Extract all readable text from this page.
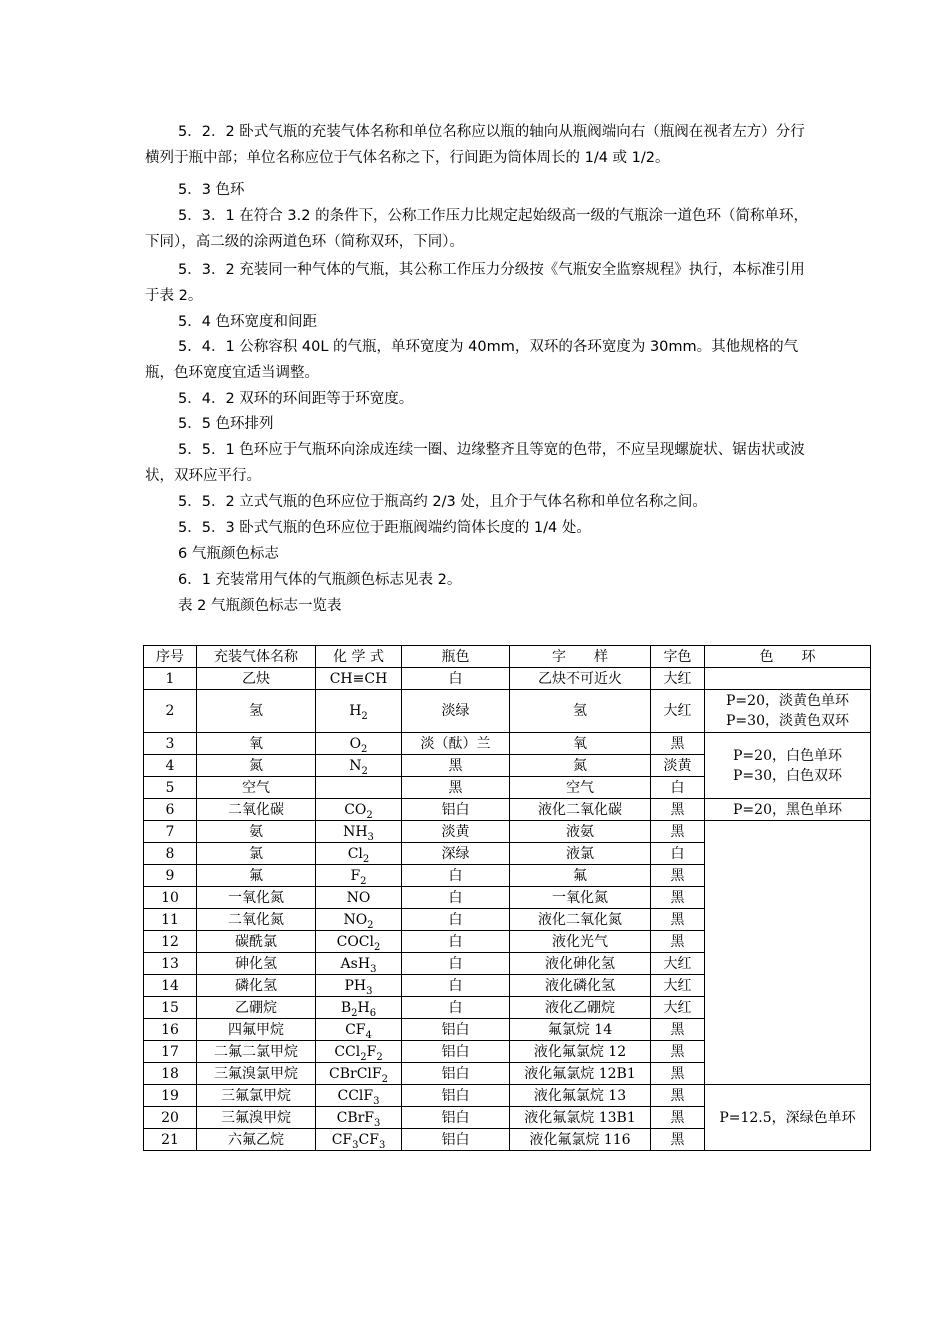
5．2．2 卧式气瓶的充装气体名称和单位名称应以瓶的轴向从瓶阀端向右（瓶阀在视者左方）分行横列于瓶中部；单位名称应位于气体名称之下，行间距为筒体周长的 1/4 或 1/2。

5．3 色环

5．3．1 在符合 3.2 的条件下，公称工作压力比规定起始级高一级的气瓶涂一道色环（简称单环，下同），高二级的涂两道色环（简称双环，下同）。

5．3．2 充装同一种气体的气瓶，其公称工作压力分级按《气瓶安全监察规程》执行，本标准引用于表 2。

5．4 色环宽度和间距

5．4．1 公称容积 40L 的气瓶，单环宽度为 40mm，双环的各环宽度为 30mm。其他规格的气瓶，色环宽度宜适当调整。

5．4．2 双环的环间距等于环宽度。

5．5 色环排列

5．5．1 色环应于气瓶环向涂成连续一圈、边缘整齐且等宽的色带，不应呈现螺旋状、锯齿状或波状，双环应平行。

5．5．2 立式气瓶的色环应位于瓶高约 2/3 处，且介于气体名称和单位名称之间。

5．5．3 卧式气瓶的色环应位于距瓶阀端约筒体长度的 1/4 处。

6 气瓶颜色标志

6．1 充装常用气体的气瓶颜色标志见表 2。

表 2 气瓶颜色标志一览表

序号	充装气体名称	化 学 式	瓶色	字　　样	字色	色　　环
1	乙炔	CH≡CH	白	乙炔不可近火	大红	
2	氢	$H_2$	淡绿	氢	大红	P=20，淡黄色单环
P=30，淡黄色双环

3	氧	$O_2$	淡（酞）兰	氧	黑	P=20，白色单环
P=30，白色双环

4	氮	$N_2$	黑	氮	淡黄	
5	空气		黑	空气	白	
6	二氧化碳	$CO_2$	铝白	液化二氧化碳	黑	P=20，黑色单环

7	氨	$NH_3$	淡黄	液氨	黑	
8	氯	$Cl_2$	深绿	液氯	白	
9	氟	$F_2$	白	氟	黑	
10	一氧化氮	NO	白	一氧化氮	黑	
11	二氧化氮	$NO_2$	白	液化二氧化氮	黑	
12	碳酰氯	COCl$_2$	白	液化光气	黑	
13	砷化氢	AsH$_3$	白	液化砷化氢	大红	
14	磷化氢	$PH_3$	白	液化磷化氢	大红	
15	乙硼烷	$B_2H_6$	白	液化乙硼烷	大红	
16	四氟甲烷	$CF_4$	铝白	氟氯烷 14	黑	
17	二氟二氯甲烷	$CCl_2F_2$	铝白	液化氟氯烷 12	黑	
18	三氟溴氯甲烷	CBrClF$_2$	铝白	液化氟氯烷 12B1	黑	
19	三氟氯甲烷	CClF$_3$	铝白	液化氟氯烷 13	黑	P=12.5，深绿色单环

20	三氟溴甲烷	CBrF$_3$	铝白	液化氟氯烷 13B1	黑	
21	六氟乙烷	$CF_3CF_3$	铝白	液化氟氯烷 116	黑	
